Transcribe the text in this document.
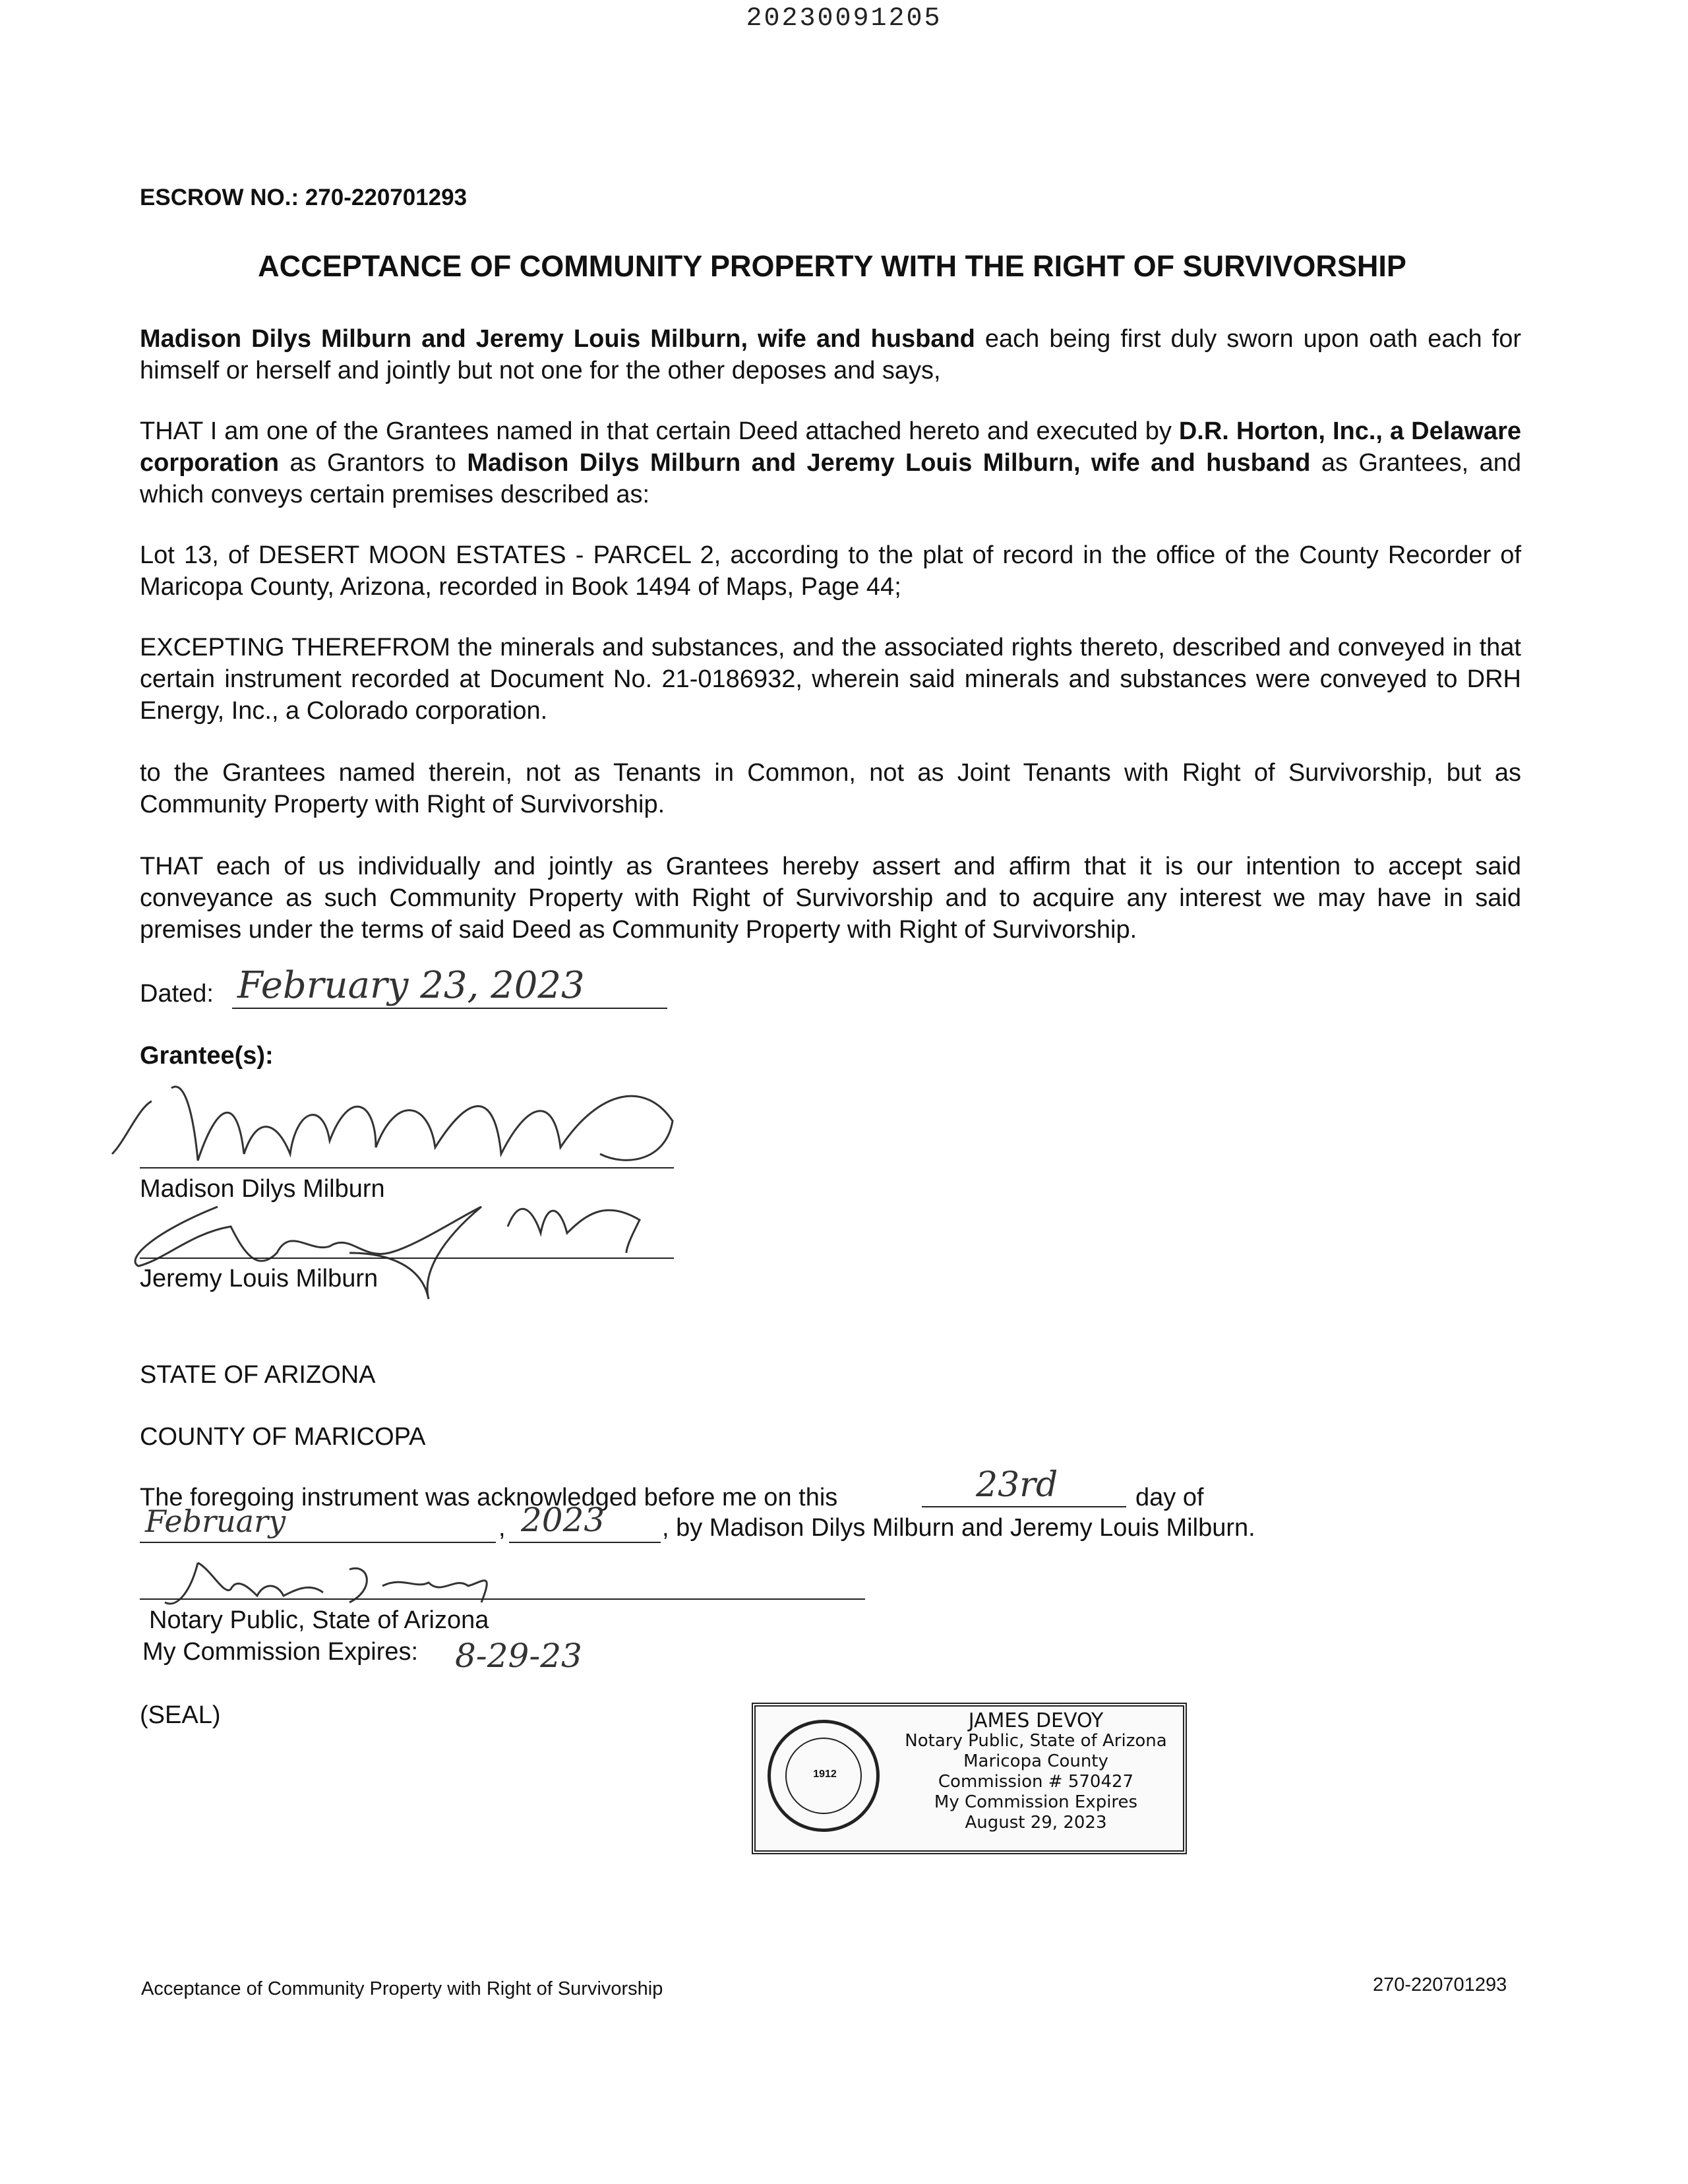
20230091205
ESCROW NO.: 270-220701293
ACCEPTANCE OF COMMUNITY PROPERTY WITH THE RIGHT OF SURVIVORSHIP
Madison Dilys Milburn and Jeremy Louis Milburn, wife and husband each being first duly sworn upon oath each for himself or herself and jointly but not one for the other deposes and says,
THAT I am one of the Grantees named in that certain Deed attached hereto and executed by D.R. Horton, Inc., a Delaware corporation as Grantors to Madison Dilys Milburn and Jeremy Louis Milburn, wife and husband as Grantees, and which conveys certain premises described as:
Lot 13, of DESERT MOON ESTATES - PARCEL 2, according to the plat of record in the office of the County Recorder of Maricopa County, Arizona, recorded in Book 1494 of Maps, Page 44;
EXCEPTING THEREFROM the minerals and substances, and the associated rights thereto, described and conveyed in that certain instrument recorded at Document No. 21-0186932, wherein said minerals and substances were conveyed to DRH Energy, Inc., a Colorado corporation.
to the Grantees named therein, not as Tenants in Common, not as Joint Tenants with Right of Survivorship, but as Community Property with Right of Survivorship.
THAT each of us individually and jointly as Grantees hereby assert and affirm that it is our intention to accept said conveyance as such Community Property with Right of Survivorship and to acquire any interest we may have in said premises under the terms of said Deed as Community Property with Right of Survivorship.
Dated: February 23, 2023
Grantee(s):
Madison Dilys Milburn
Jeremy Louis Milburn
STATE OF ARIZONA
COUNTY OF MARICOPA
The foregoing instrument was acknowledged before me on this	23rd	day of
February	, 2023 , by Madison Dilys Milburn and Jeremy Louis Milburn.
Notary Public, State of Arizona
My Commission Expires: 8-29-23
(SEAL)
1912
JAMES DEVOY
Notary Public, State of Arizona
Maricopa County
Commission # 570427
My Commission Expires
August 29, 2023
Acceptance of Community Property with Right of Survivorship	270-220701293
